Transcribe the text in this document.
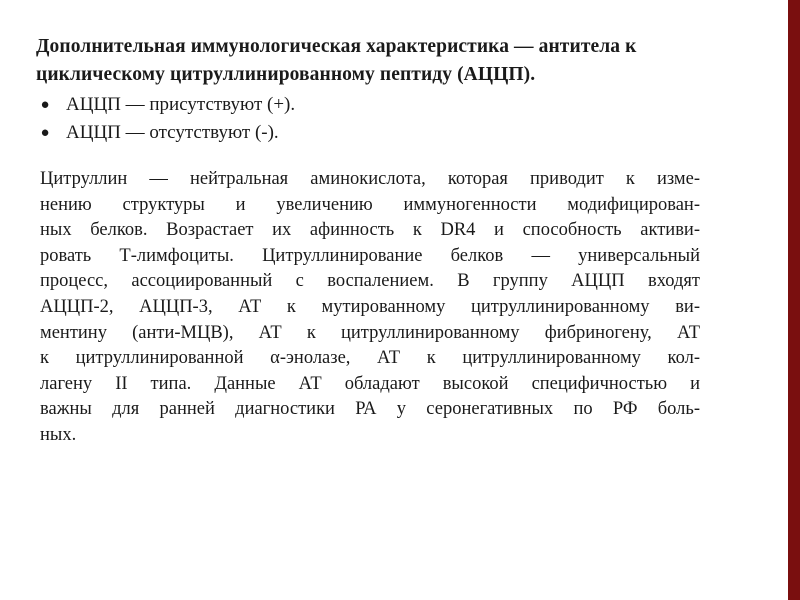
Дополнительная иммунологическая характеристика — антитела к
циклическому цитруллинированному пептиду (АЦЦП).
● АЦЦП — присутствуют (+).
● АЦЦП — отсутствуют (-).

Цитруллин — нейтральная аминокислота, которая приводит к изме-
нению структуры и увеличению иммуногенности модифицирован-
ных белков. Возрастает их афинность к DR4 и способность активи-
ровать Т-лимфоциты. Цитруллинирование белков — универсальный
процесс, ассоциированный с воспалением. В группу АЦЦП входят
АЦЦП-2, АЦЦП-3, АТ к мутированному цитруллинированному ви-
ментину (анти-МЦВ), АТ к цитруллинированному фибриногену, АТ
к цитруллинированной α-энолазе, АТ к цитруллинированному кол-
лагену II типа. Данные АТ обладают высокой специфичностью и
важны для ранней диагностики РА у серонегативных по РФ боль-
ных.
